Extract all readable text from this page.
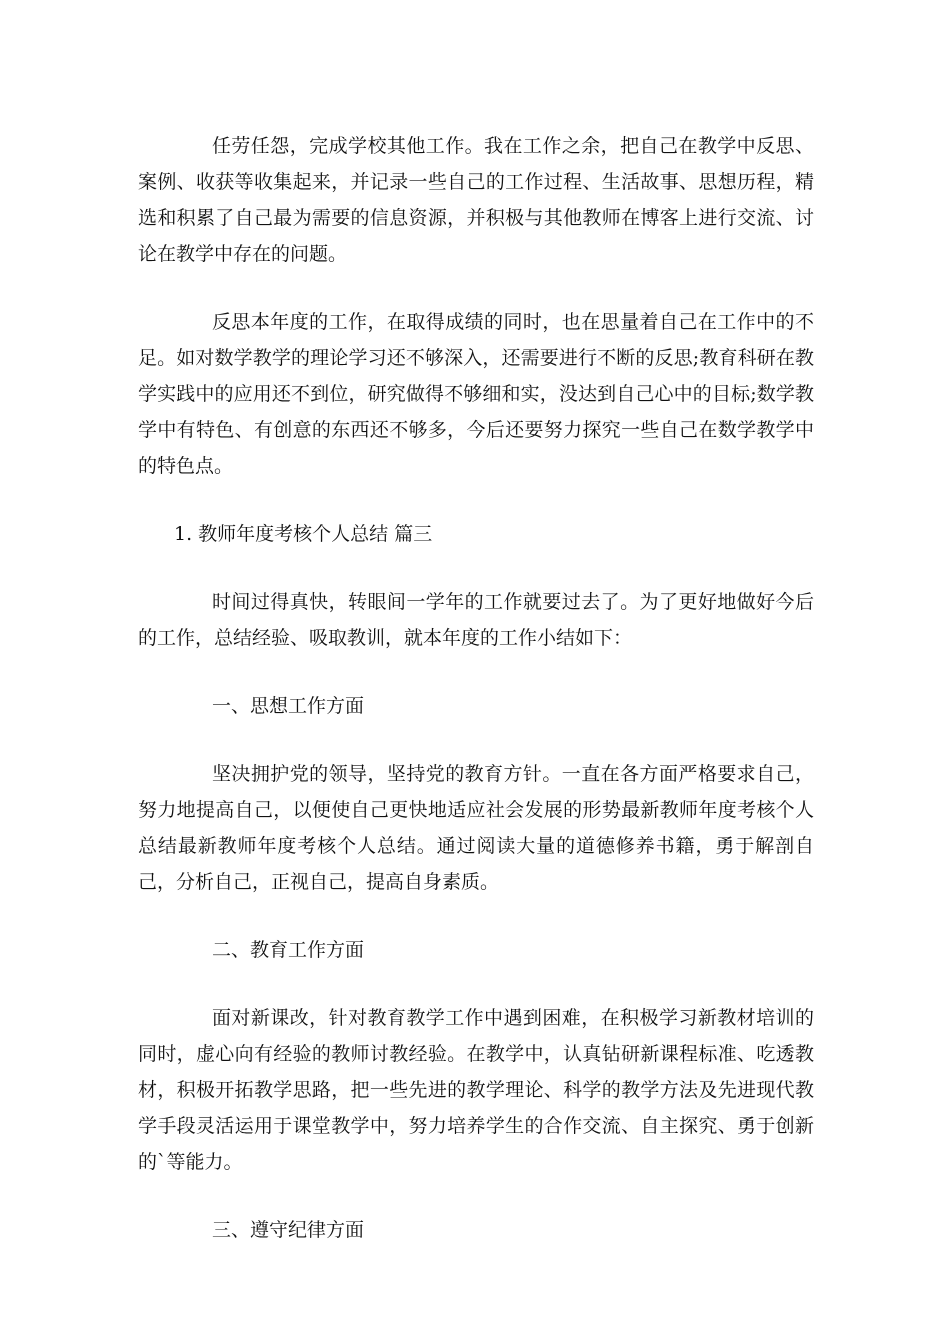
任劳任怨，完成学校其他工作。我在工作之余，把自己在教学中反思、案例、收获等收集起来，并记录一些自己的工作过程、生活故事、思想历程，精选和积累了自己最为需要的信息资源，并积极与其他教师在博客上进行交流、讨论在教学中存在的问题。

反思本年度的工作，在取得成绩的同时，也在思量着自己在工作中的不足。如对数学教学的理论学习还不够深入，还需要进行不断的反思;教育科研在教学实践中的应用还不到位，研究做得不够细和实，没达到自己心中的目标;数学教学中有特色、有创意的东西还不够多，今后还要努力探究一些自己在数学教学中的特色点。

1. 教师年度考核个人总结 篇三

时间过得真快，转眼间一学年的工作就要过去了。为了更好地做好今后的工作，总结经验、吸取教训，就本年度的工作小结如下：

一、思想工作方面

坚决拥护党的领导，坚持党的教育方针。一直在各方面严格要求自己，努力地提高自己，以便使自己更快地适应社会发展的形势最新教师年度考核个人总结最新教师年度考核个人总结。通过阅读大量的道德修养书籍，勇于解剖自己，分析自己，正视自己，提高自身素质。

二、教育工作方面

面对新课改，针对教育教学工作中遇到困难，在积极学习新教材培训的同时，虚心向有经验的教师讨教经验。在教学中，认真钻研新课程标准、吃透教材，积极开拓教学思路，把一些先进的教学理论、科学的教学方法及先进现代教学手段灵活运用于课堂教学中，努力培养学生的合作交流、自主探究、勇于创新的`等能力。

三、遵守纪律方面
